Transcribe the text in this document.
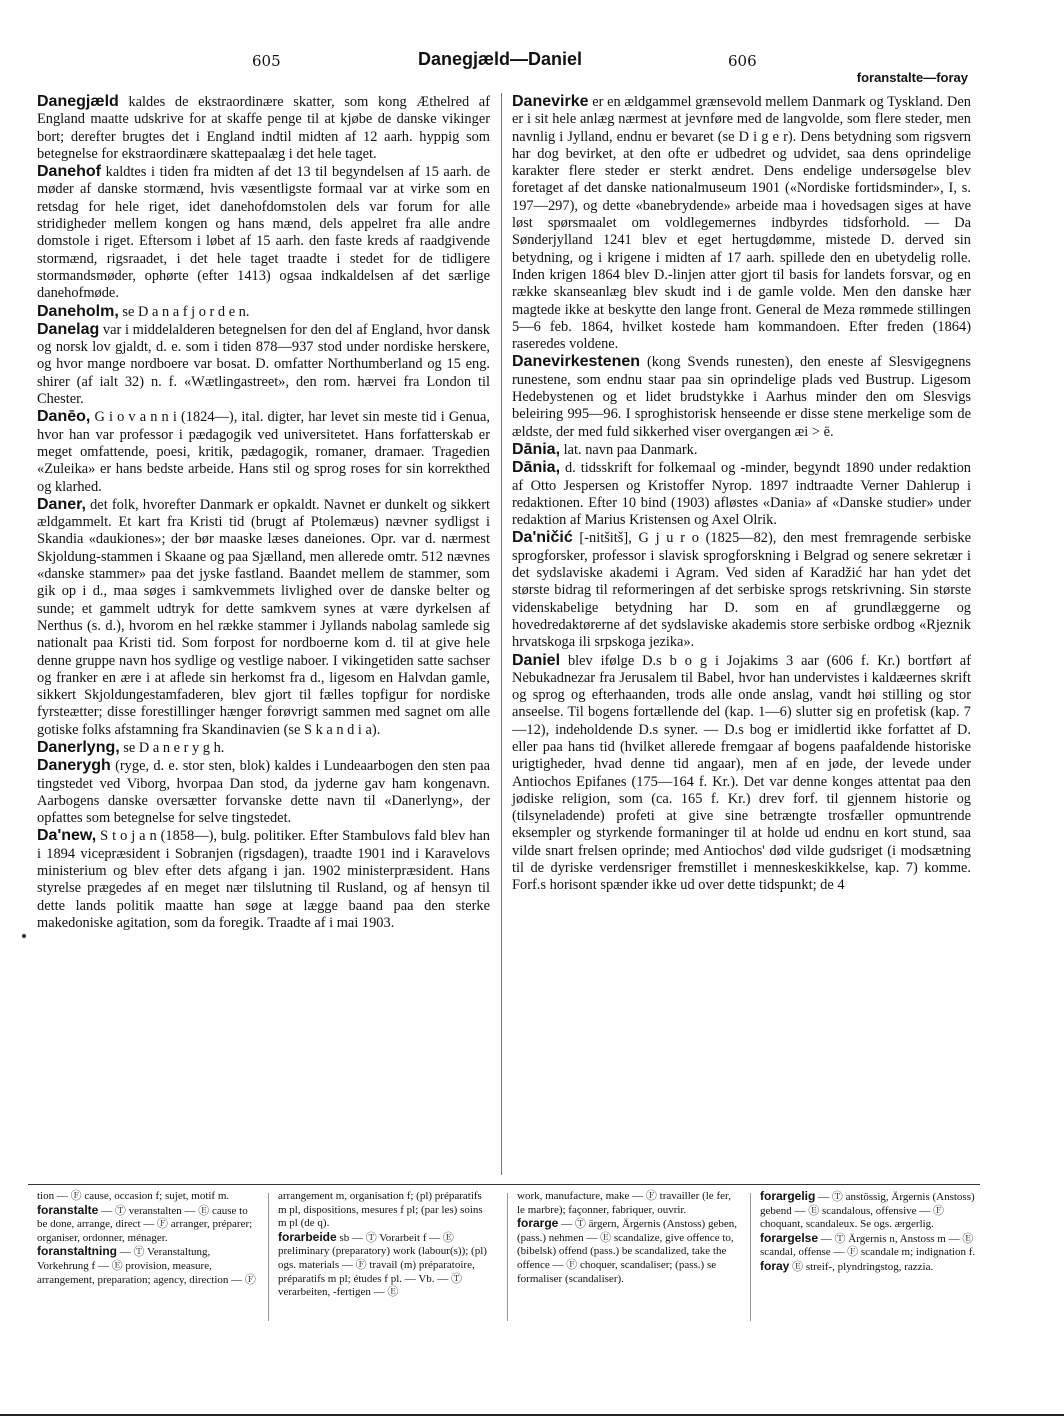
605	Danegjæld—Daniel	606
foranstalte—foray

Danegjæld kaldes de ekstraordinære skatter, som kong Æthelred af England maatte udskrive for at skaffe penge til at kjøbe de danske vikinger bort; derefter brugtes det i England indtil midten af 12 aarh. hyppig som betegnelse for ekstraordinære skattepaalæg i det hele taget.

Danehof kaldtes i tiden fra midten af det 13 til begyndelsen af 15 aarh. de møder af danske stormænd, hvis væsentligste formaal var at virke som en retsdag for hele riget, idet danehofdomstolen dels var forum for alle stridigheder mellem kongen og hans mænd, dels appelret fra alle andre domstole i riget. Eftersom i løbet af 15 aarh. den faste kreds af raadgivende stormænd, rigsraadet, i det hele taget traadte i stedet for de tidligere stormandsmøder, ophørte (efter 1413) ogsaa indkaldelsen af det særlige danehofmøde.

Daneholm, se D a n a f j o r d e n.

Danelag var i middelalderen betegnelsen for den del af England, hvor dansk og norsk lov gjaldt, d. e. som i tiden 878—937 stod under nordiske herskere, og hvor mange nordboere var bosat. D. omfatter Northumberland og 15 eng. shirer (af ialt 32) n. f. «Wætlingastreet», den rom. hærvei fra London til Chester.

Danēo, G i o v a n n i (1824—), ital. digter, har levet sin meste tid i Genua, hvor han var professor i pædagogik ved universitetet. Hans forfatterskab er meget omfattende, poesi, kritik, pædagogik, romaner, dramaer. Tragedien «Zuleika» er hans bedste arbeide. Hans stil og sprog roses for sin korrekthed og klarhed.

Daner, det folk, hvorefter Danmark er opkaldt. Navnet er dunkelt og sikkert ældgammelt. Et kart fra Kristi tid (brugt af Ptolemæus) nævner sydligst i Skandia «daukiones»; der bør maaske læses daneiones. Opr. var d. nærmest Skjoldung-stammen i Skaane og paa Sjælland, men allerede omtr. 512 nævnes «danske stammer» paa det jyske fastland. Baandet mellem de stammer, som gik op i d., maa søges i samkvemmets livlighed over de danske belter og sunde; et gammelt udtryk for dette samkvem synes at være dyrkelsen af Nerthus (s. d.), hvorom en hel række stammer i Jyllands nabolag samlede sig nationalt paa Kristi tid. Som forpost for nordboerne kom d. til at give hele denne gruppe navn hos sydlige og vestlige naboer. I vikingetiden satte sachser og franker en ære i at aflede sin herkomst fra d., ligesom en Halvdan gamle, sikkert Skjoldungestamfaderen, blev gjort til fælles topfigur for nordiske fyrsteætter; disse forestillinger hænger forøvrigt sammen med sagnet om alle gotiske folks afstamning fra Skandinavien (se S k a n d i a).

Danerlyng, se D a n e r y g h.

Danerygh (ryge, d. e. stor sten, blok) kaldes i Lundeaarbogen den sten paa tingstedet ved Viborg, hvorpaa Dan stod, da jyderne gav ham kongenavn. Aarbogens danske oversætter forvanske dette navn til «Danerlyng», der opfattes som betegnelse for selve tingstedet.

Da'new, S t o j a n (1858—), bulg. politiker. Efter Stambulovs fald blev han i 1894 vicepræsident i Sobranjen (rigsdagen), traadte 1901 ind i Karavelovs ministerium og blev efter dets afgang i jan. 1902 ministerpræsident. Hans styrelse prægedes af en meget nær tilslutning til Rusland, og af hensyn til dette lands politik maatte han søge at lægge baand paa den sterke makedoniske agitation, som da foregik. Traadte af i mai 1903.

Danevirke er en ældgammel grænsevold mellem Danmark og Tyskland. Den er i sit hele anlæg nærmest at jevnføre med de langvolde, som flere steder, men navnlig i Jylland, endnu er bevaret (se D i g e r). Dens betydning som rigsvern har dog bevirket, at den ofte er udbedret og udvidet, saa dens oprindelige karakter flere steder er sterkt ændret. Dens endelige undersøgelse blev foretaget af det danske nationalmuseum 1901 («Nordiske fortidsminder», I, s. 197—297), og dette «banebrydende» arbeide maa i hovedsagen siges at have løst spørsmaalet om voldlegemernes indbyrdes tidsforhold. — Da Sønderjylland 1241 blev et eget hertugdømme, mistede D. derved sin betydning, og i krigene i midten af 17 aarh. spillede den en ubetydelig rolle. Inden krigen 1864 blev D.-linjen atter gjort til basis for landets forsvar, og en række skanseanlæg blev skudt ind i de gamle volde. Men den danske hær magtede ikke at beskytte den lange front. General de Meza rømmede stillingen 5—6 feb. 1864, hvilket kostede ham kommandoen. Efter freden (1864) raseredes voldene.

Danevirkestenen (kong Svends runesten), den eneste af Slesvigegnens runestene, som endnu staar paa sin oprindelige plads ved Bustrup. Ligesom Hedebystenen og et lidet brudstykke i Aarhus minder den om Slesvigs beleiring 995—96. I sproghistorisk henseende er disse stene merkelige som de ældste, der med fuld sikkerhed viser overgangen æi > ē.

Dānia, lat. navn paa Danmark.

Dānia, d. tidsskrift for folkemaal og -minder, begyndt 1890 under redaktion af Otto Jespersen og Kristoffer Nyrop. 1897 indtraadte Verner Dahlerup i redaktionen. Efter 10 bind (1903) afløstes «Dania» af «Danske studier» under redaktion af Marius Kristensen og Axel Olrik.

Da'ničić [-nitšitš], G j u r o (1825—82), den mest fremragende serbiske sprogforsker, professor i slavisk sprogforskning i Belgrad og senere sekretær i det sydslaviske akademi i Agram. Ved siden af Karadžić har han ydet det største bidrag til reformeringen af det serbiske sprogs retskrivning. Sin største videnskabelige betydning har D. som en af grundlæggerne og hovedredaktørerne af det sydslaviske akademis store serbiske ordbog «Rjeznik hrvatskoga ili srpskoga jezika».

Daniel blev ifølge D.s b o g i Jojakims 3 aar (606 f. Kr.) bortført af Nebukadnezar fra Jerusalem til Babel, hvor han undervistes i kaldæernes skrift og sprog og efterhaanden, trods alle onde anslag, vandt høi stilling og stor anseelse. Til bogens fortællende del (kap. 1—6) slutter sig en profetisk (kap. 7—12), indeholdende D.s syner. — D.s bog er imidlertid ikke forfattet af D. eller paa hans tid (hvilket allerede fremgaar af bogens paafaldende historiske urigtigheder, hvad denne tid angaar), men af en jøde, der levede under Antiochos Epifanes (175—164 f. Kr.). Det var denne konges attentat paa den jødiske religion, som (ca. 165 f. Kr.) drev forf. til gjennem historie og (tilsyneladende) profeti at give sine betrængte trosfæller opmuntrende eksempler og styrkende formaninger til at holde ud endnu en kort stund, saa vilde snart frelsen oprinde; med Antiochos' død vilde gudsriget (i modsætning til de dyriske verdensriger fremstillet i menneskeskikkelse, kap. 7) komme. Forf.s horisont spænder ikke ud over dette tidspunkt; de 4

tion — Ⓕ cause, occasion f; sujet, motif m.
foranstalte — Ⓣ veranstalten — Ⓔ cause to be done, arrange, direct — Ⓕ arranger, préparer; organiser, ordonner, ménager.
foranstaltning — Ⓣ Veranstaltung, Vorkehrung f — Ⓔ provision, measure, arrangement, preparation; agency, direction — Ⓕ
arrangement m, organisation f; (pl) préparatifs m pl, dispositions, mesures f pl; (par les) soins m pl (de q).
forarbeide sb — Ⓣ Vorarbeit f — Ⓔ preliminary (preparatory) work (labour(s)); (pl) ogs. materials — Ⓕ travail (m) préparatoire, préparatifs m pl; études f pl. — Vb. — Ⓣ verarbeiten, -fertigen — Ⓔ
work, manufacture, make — Ⓕ travailler (le fer, le marbre); façonner, fabriquer, ouvrir.
forarge — Ⓣ ärgern, Ärgernis (Anstoss) geben, (pass.) nehmen — Ⓔ scandalize, give offence to, (bibelsk) offend (pass.) be scandalized, take the offence — Ⓕ choquer, scandaliser; (pass.) se formaliser (scandaliser).
forargelig — Ⓣ anstössig, Ärgernis (Anstoss) gebend — Ⓔ scandalous, offensive — Ⓕ choquant, scandaleux. Se ogs. ærgerlig.
forargelse — Ⓣ Ärgernis n, Anstoss m — Ⓔ scandal, offense — Ⓕ scandale m; indignation f.
foray Ⓔ streif-, plyndringstog, razzia.
